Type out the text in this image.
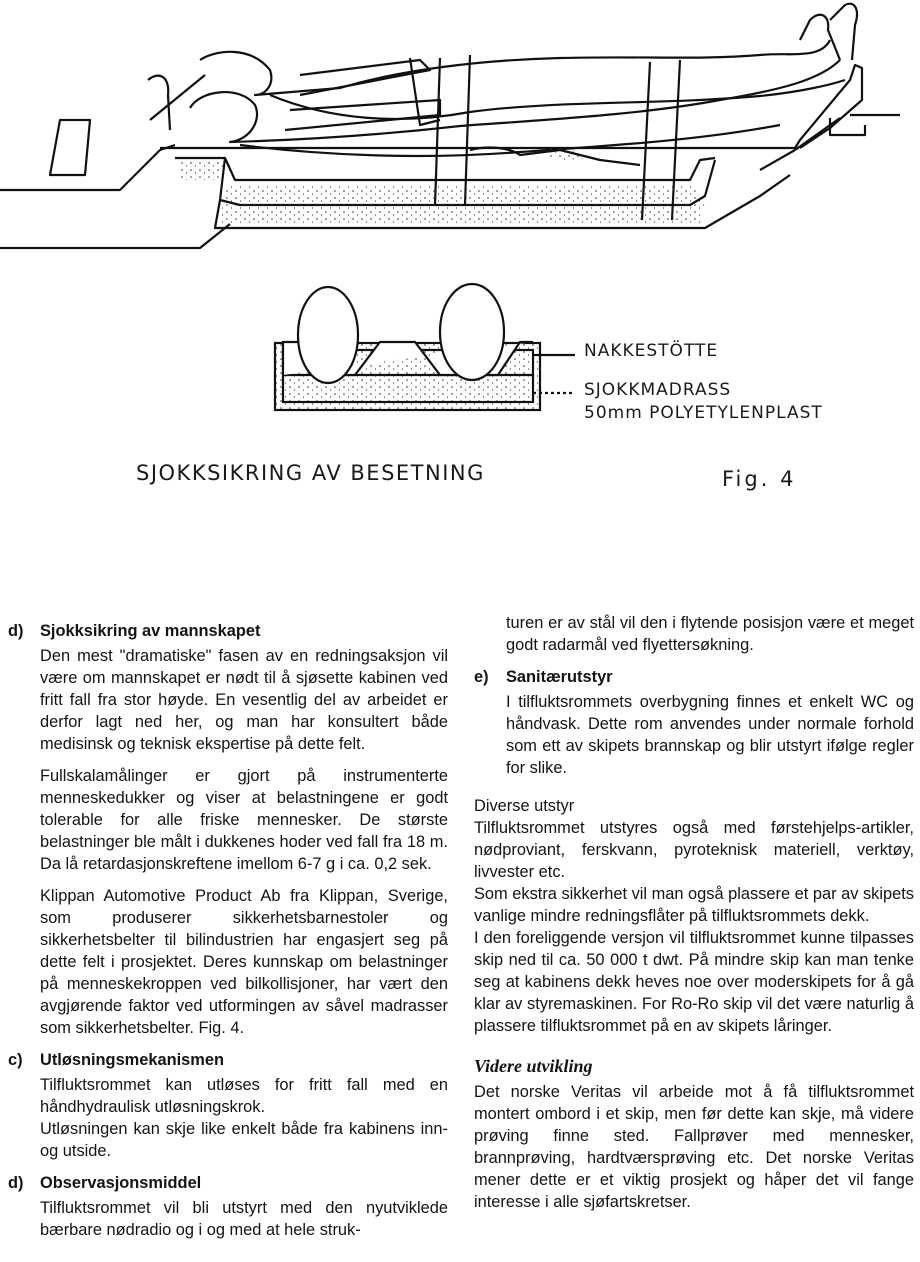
NAKKESTÖTTE
SJOKKMADRASS
50mm POLYETYLENPLAST
SJOKKSIKRING AV BESETNING	Fig. 4
d)	Sjokksikring av mannskapet
Den mest "dramatiske" fasen av en redningsaksjon vil være om mannskapet er nødt til å sjøsette kabinen ved fritt fall fra stor høyde. En vesentlig del av arbeidet er derfor lagt ned her, og man har konsultert både medisinsk og teknisk ekspertise på dette felt.
Fullskalamålinger er gjort på instrumenterte menneskedukker og viser at belastningene er godt tolerable for alle friske mennesker. De største belastninger ble målt i dukkenes hoder ved fall fra 18 m. Da lå retardasjonskreftene imellom 6-7 g i ca. 0,2 sek.
Klippan Automotive Product Ab fra Klippan, Sverige, som produserer sikkerhetsbarnestoler og sikkerhetsbelter til bilindustrien har engasjert seg på dette felt i prosjektet. Deres kunnskap om belastninger på menneskekroppen ved bilkollisjoner, har vært den avgjørende faktor ved utformingen av såvel madrasser som sikkerhetsbelter. Fig. 4.
c)	Utløsningsmekanismen
Tilfluktsrommet kan utløses for fritt fall med en håndhydraulisk utløsningskrok.
Utløsningen kan skje like enkelt både fra kabinens inn- og utside.
d)	Observasjonsmiddel
Tilfluktsrommet vil bli utstyrt med den nyutviklede bærbare nødradio og i og med at hele struk-
turen er av stål vil den i flytende posisjon være et meget godt radarmål ved flyettersøkning.
e)	Sanitærutstyr
I tilfluktsrommets overbygning finnes et enkelt WC og håndvask. Dette rom anvendes under normale forhold som ett av skipets brannskap og blir utstyrt ifølge regler for slike.
Diverse utstyr
Tilfluktsrommet utstyres også med førstehjelps-artikler, nødproviant, ferskvann, pyroteknisk materiell, verktøy, livvester etc.
Som ekstra sikkerhet vil man også plassere et par av skipets vanlige mindre redningsflåter på tilfluktsrommets dekk.
I den foreliggende versjon vil tilfluktsrommet kunne tilpasses skip ned til ca. 50 000 t dwt. På mindre skip kan man tenke seg at kabinens dekk heves noe over moderskipets for å gå klar av styremaskinen. For Ro-Ro skip vil det være naturlig å plassere tilfluktsrommet på en av skipets låringer.
Videre utvikling
Det norske Veritas vil arbeide mot å få tilfluktsrommet montert ombord i et skip, men før dette kan skje, må videre prøving finne sted. Fallprøver med mennesker, brannprøving, hardtværsprøving etc. Det norske Veritas mener dette er et viktig prosjekt og håper det vil fange interesse i alle sjøfartskretser.
